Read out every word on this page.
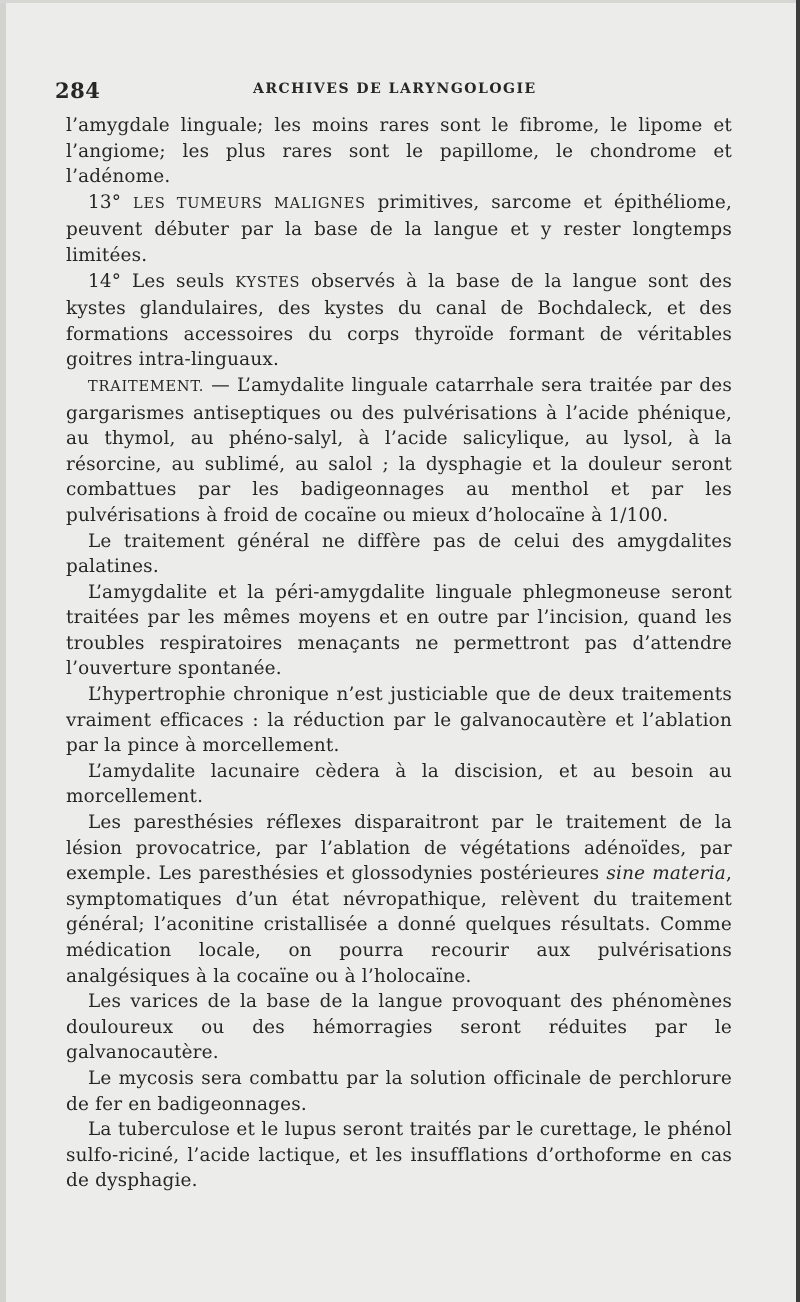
284	ARCHIVES DE LARYNGOLOGIE

l’amygdale linguale; les moins rares sont le fibrome, le lipome et l’angiome; les plus rares sont le papillome, le chondrome et l’adénome.

13° LES TUMEURS MALIGNES primitives, sarcome et épithéliome, peuvent débuter par la base de la langue et y rester longtemps limitées.

14° Les seuls KYSTES observés à la base de la langue sont des kystes glandulaires, des kystes du canal de Bochdaleck, et des formations accessoires du corps thyroïde formant de véritables goitres intra-linguaux.

TRAITEMENT. — L’amydalite linguale catarrhale sera traitée par des gargarismes antiseptiques ou des pulvérisations à l’acide phénique, au thymol, au phéno-salyl, à l’acide salicylique, au lysol, à la résorcine, au sublimé, au salol ; la dysphagie et la douleur seront combattues par les badigeonnages au menthol et par les pulvérisations à froid de cocaïne ou mieux d’holocaïne à 1/100.

Le traitement général ne diffère pas de celui des amygdalites palatines.

L’amygdalite et la péri-amygdalite linguale phlegmoneuse seront traitées par les mêmes moyens et en outre par l’incision, quand les troubles respiratoires menaçants ne permettront pas d’attendre l’ouverture spontanée.

L’hypertrophie chronique n’est justiciable que de deux traitements vraiment efficaces : la réduction par le galvanocautère et l’ablation par la pince à morcellement.

L’amydalite lacunaire cèdera à la discision, et au besoin au morcellement.

Les paresthésies réflexes disparaitront par le traitement de la lésion provocatrice, par l’ablation de végétations adénoïdes, par exemple. Les paresthésies et glossodynies postérieures sine materia, symptomatiques d’un état névropathique, relèvent du traitement général; l’aconitine cristallisée a donné quelques résultats. Comme médication locale, on pourra recourir aux pulvérisations analgésiques à la cocaïne ou à l’holocaïne.

Les varices de la base de la langue provoquant des phénomènes douloureux ou des hémorragies seront réduites par le galvanocautère.

Le mycosis sera combattu par la solution officinale de perchlorure de fer en badigeonnages.

La tuberculose et le lupus seront traités par le curettage, le phénol sulfo-riciné, l’acide lactique, et les insufflations d’orthoforme en cas de dysphagie.
